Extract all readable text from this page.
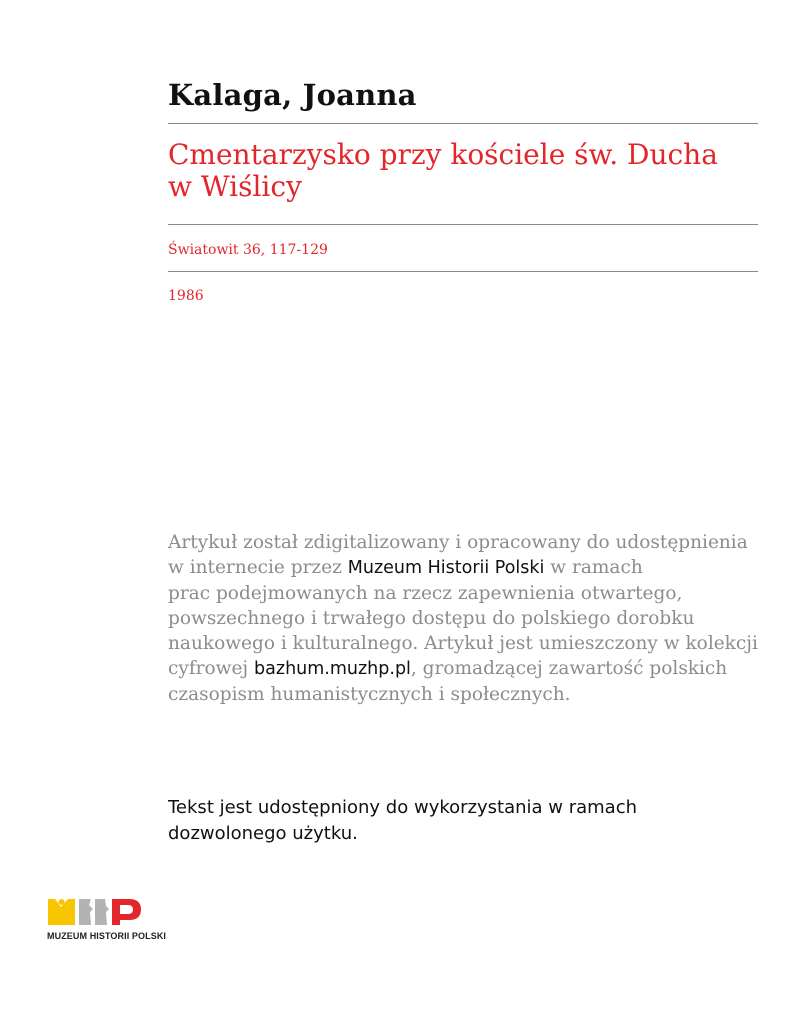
Kalaga, Joanna
Cmentarzysko przy kościele św. Ducha
w Wiślicy
Światowit 36, 117-129
1986
Artykuł został zdigitalizowany i opracowany do udostępnienia
w internecie przez Muzeum Historii Polski w ramach
prac podejmowanych na rzecz zapewnienia otwartego,
powszechnego i trwałego dostępu do polskiego dorobku
naukowego i kulturalnego. Artykuł jest umieszczony w kolekcji
cyfrowej bazhum.muzhp.pl, gromadzącej zawartość polskich
czasopism humanistycznych i społecznych.
Tekst jest udostępniony do wykorzystania w ramach
dozwolonego użytku.
MUZEUM HISTORII POLSKI
